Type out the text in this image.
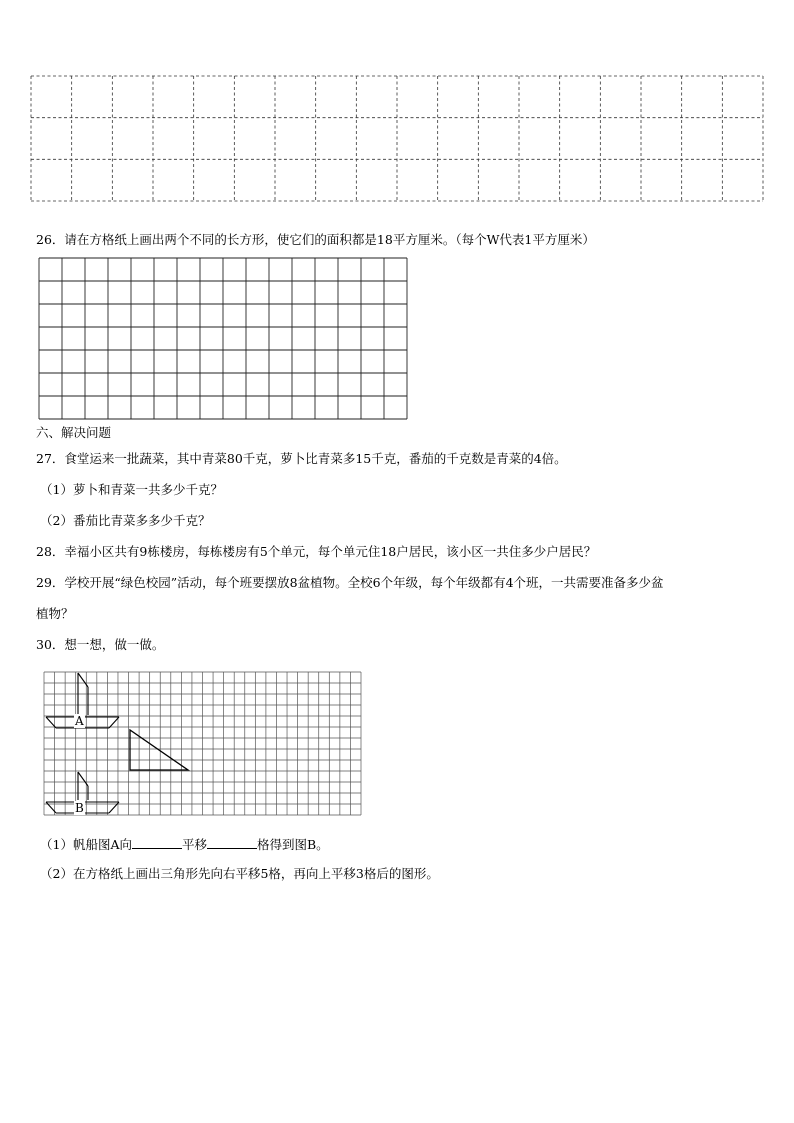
26．请在方格纸上画出两个不同的长方形，使它们的面积都是18平方厘米。（每个W代表1平方厘米）
六、解决问题
27．食堂运来一批蔬菜，其中青菜80千克，萝卜比青菜多15千克，番茄的千克数是青菜的4倍。
（1）萝卜和青菜一共多少千克？
（2）番茄比青菜多多少千克？
28．幸福小区共有9栋楼房，每栋楼房有5个单元，每个单元住18户居民，该小区一共住多少户居民？
29．学校开展“绿色校园”活动，每个班要摆放8盆植物。全校6个年级，每个年级都有4个班，一共需要准备多少盆
植物？
30．想一想，做一做。
A
B
（1）帆船图A向	平移	格得到图B。
（2）在方格纸上画出三角形先向右平移5格，再向上平移3格后的图形。
